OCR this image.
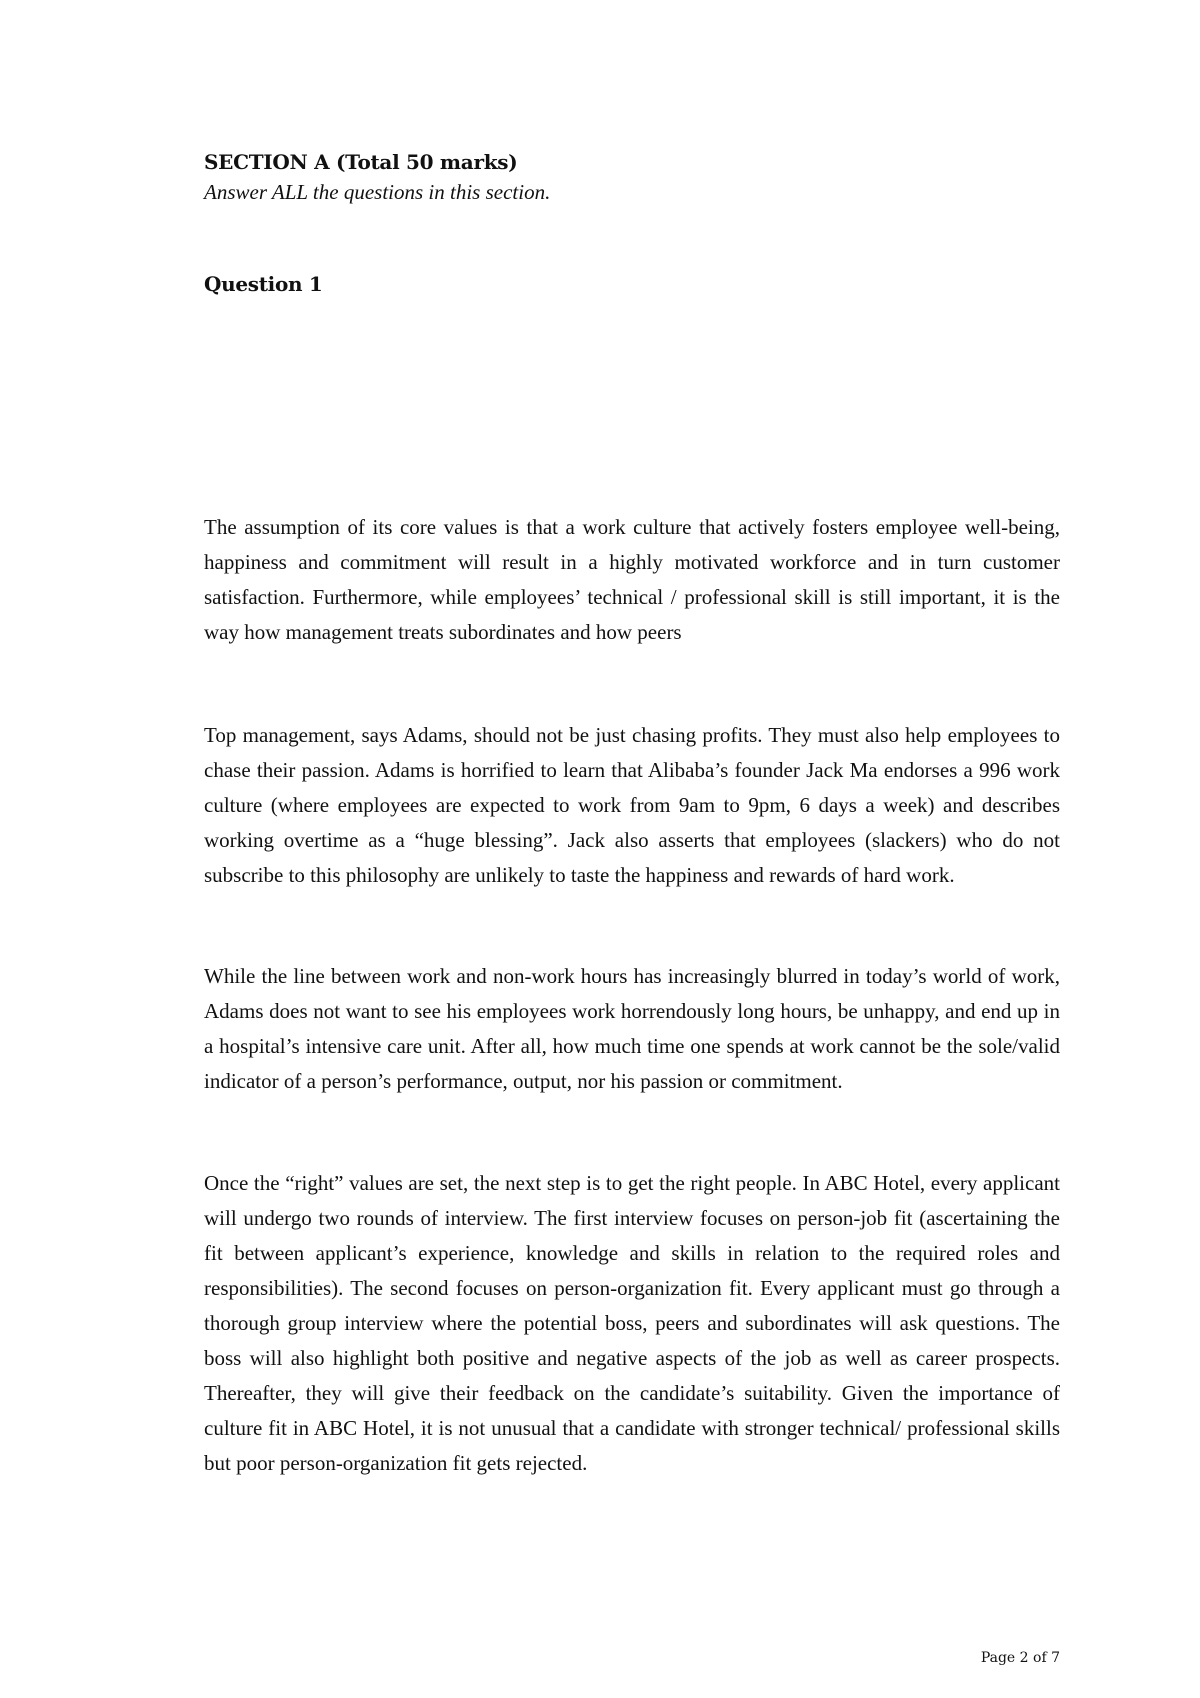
SECTION A (Total 50 marks)
Answer ALL the questions in this section.
Question 1

The assumption of its core values is that a work culture that actively fosters employee well-being, happiness and commitment will result in a highly motivated workforce and in turn customer satisfaction. Furthermore, while employees’ technical / professional skill is still important, it is the way how management treats subordinates and how peers

Top management, says Adams, should not be just chasing profits. They must also help employees to chase their passion. Adams is horrified to learn that Alibaba’s founder Jack Ma endorses a 996 work culture (where employees are expected to work from 9am to 9pm, 6 days a week) and describes working overtime as a “huge blessing”. Jack also asserts that employees (slackers) who do not subscribe to this philosophy are unlikely to taste the happiness and rewards of hard work.

While the line between work and non-work hours has increasingly blurred in today’s world of work, Adams does not want to see his employees work horrendously long hours, be unhappy, and end up in a hospital’s intensive care unit. After all, how much time one spends at work cannot be the sole/valid indicator of a person’s performance, output, nor his passion or commitment.

Once the “right” values are set, the next step is to get the right people. In ABC Hotel, every applicant will undergo two rounds of interview. The first interview focuses on person-job fit (ascertaining the fit between applicant’s experience, knowledge and skills in relation to the required roles and responsibilities). The second focuses on person-organization fit. Every applicant must go through a thorough group interview where the potential boss, peers and subordinates will ask questions. The boss will also highlight both positive and negative aspects of the job as well as career prospects. Thereafter, they will give their feedback on the candidate’s suitability. Given the importance of culture fit in ABC Hotel, it is not unusual that a candidate with stronger technical/ professional skills but poor person-organization fit gets rejected.

Page 2 of 7
